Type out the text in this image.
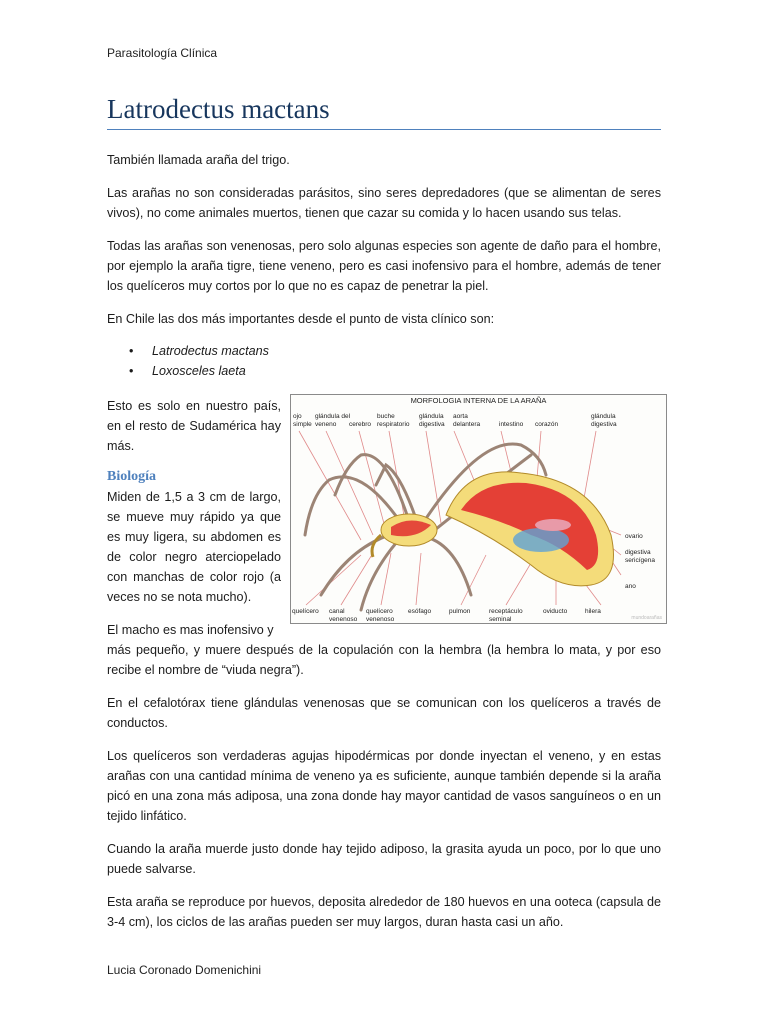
Parasitología Clínica
Latrodectus mactans

También llamada araña del trigo.

Las arañas no son consideradas parásitos, sino seres depredadores (que se alimentan de seres vivos), no come animales muertos, tienen que cazar su comida y lo hacen usando sus telas.

Todas las arañas son venenosas, pero solo algunas especies son agente de daño para el hombre, por ejemplo la araña tigre, tiene veneno, pero es casi inofensivo para el hombre, además de tener los quelíceros muy cortos por lo que no es capaz de penetrar la piel.

En Chile las dos más importantes desde el punto de vista clínico son:

• Latrodectus mactans
• Loxosceles laeta

Esto es solo en nuestro país, en el resto de Sudamérica hay más.

Biología

Miden de 1,5 a 3 cm de largo, se mueve muy rápido ya que es muy ligera, su abdomen es de color negro aterciopelado con manchas de color rojo (a veces no se nota mucho).

El macho es mas inofensivo y

más pequeño, y muere después de la copulación con la hembra (la hembra lo mata, y por eso recibe el nombre de “viuda negra”).

En el cefalotórax tiene glándulas venenosas que se comunican con los quelíceros a través de conductos.

Los quelíceros son verdaderas agujas hipodérmicas por donde inyectan el veneno, y en estas arañas con una cantidad mínima de veneno ya es suficiente, aunque también depende si la araña picó en una zona más adiposa, una zona donde hay mayor cantidad de vasos sanguíneos o en un tejido linfático.

Cuando la araña muerde justo donde hay tejido adiposo, la grasita ayuda un poco, por lo que uno puede salvarse.

Esta araña se reproduce por huevos, deposita alrededor de 180 huevos en una ooteca (capsula de 3-4 cm), los ciclos de las arañas pueden ser muy largos, duran hasta casi un año.

MORFOLOGIA INTERNA DE LA ARAÑA
ojo
simple
glándula del
veneno	cerebro
buche
respiratorio
glándula
digestiva
aorta
delantera	intestino corazón
glándula
digestiva
ovario
digestiva
sericígena
ano
quelícero canal
venenoso
quelícero
venenoso
esófago	pulmon	receptáculo
seminal
oviducto	hilera
mundoarañas
Lucia Coronado Domenichini
